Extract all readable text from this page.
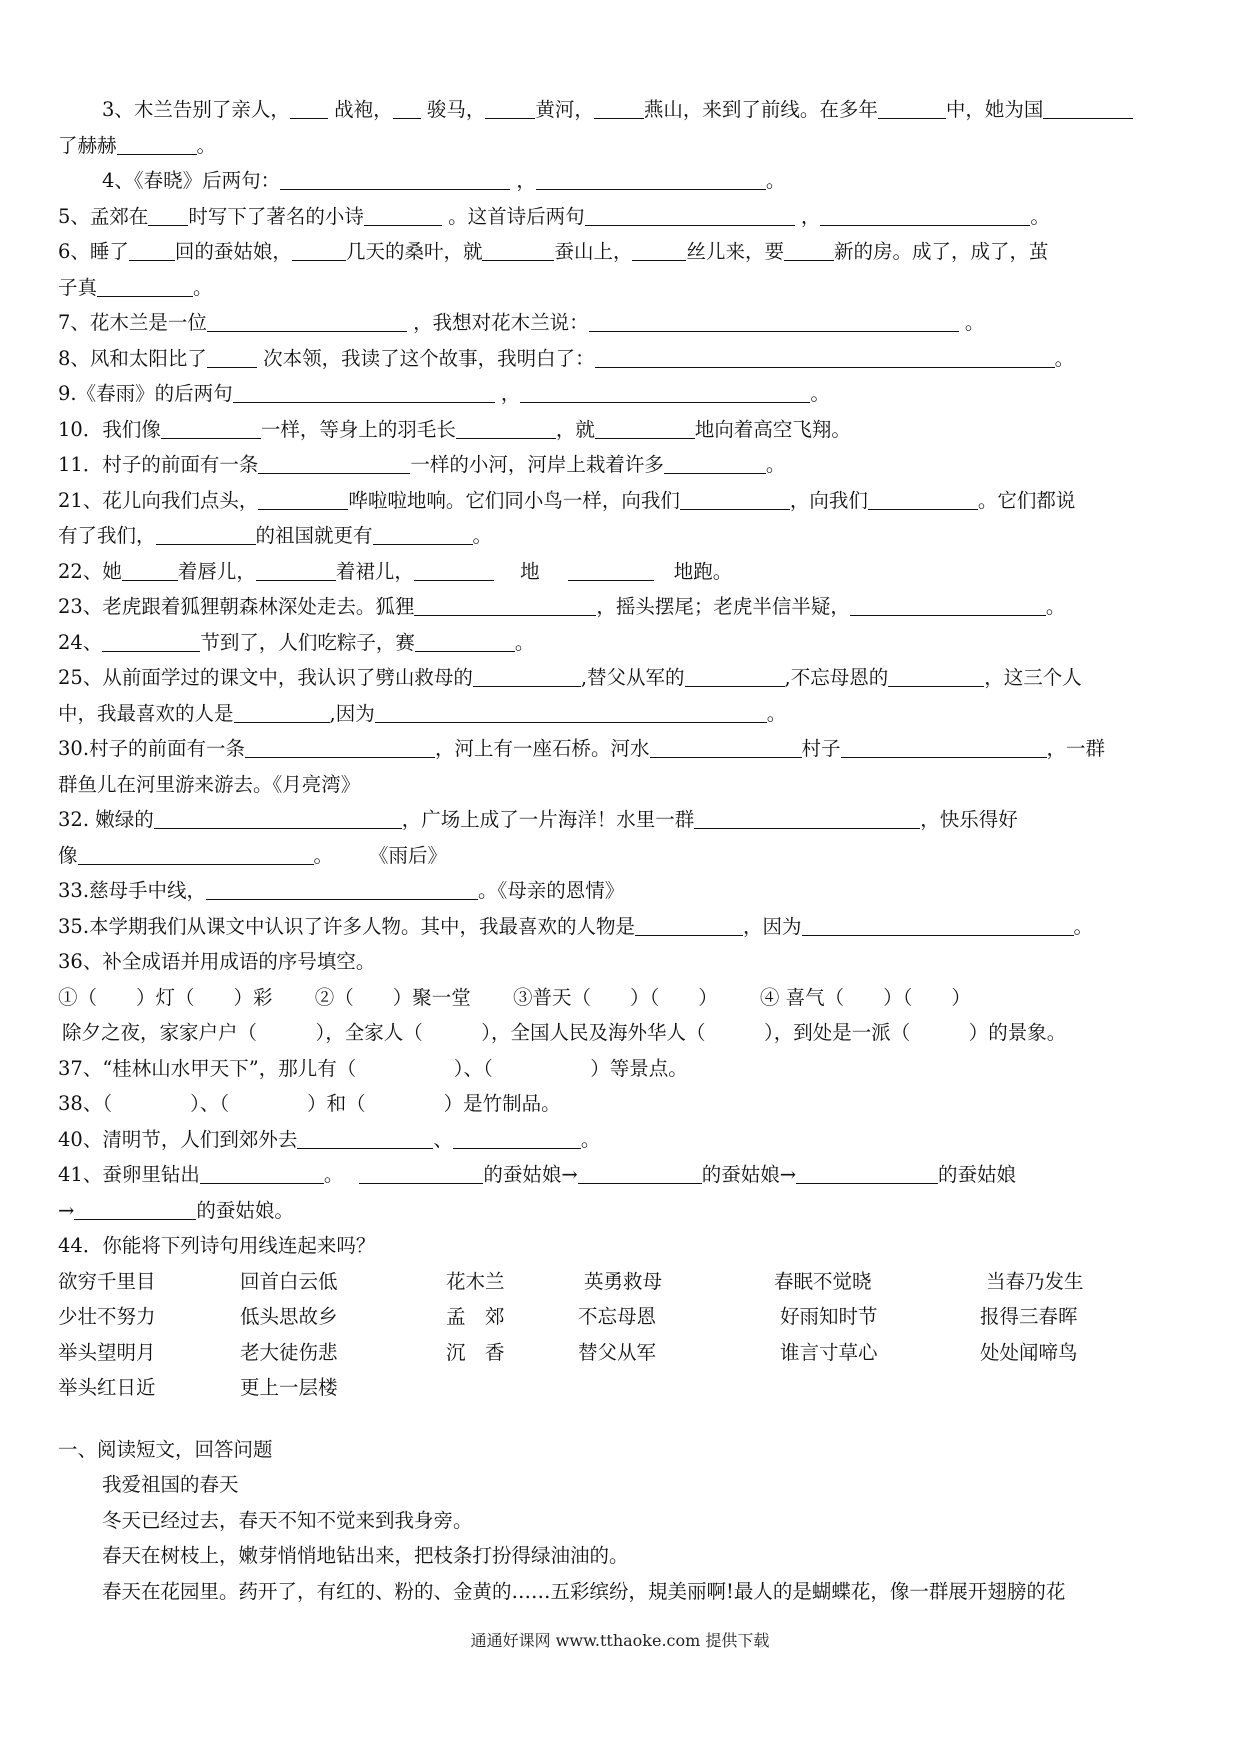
3、木兰告别了亲人， 战袍， 骏马，	黄河，	燕山，来到了前线。在多年	中，她为国
了赫赫	。
4、《春晓》后两句：	，	。
5、孟郊在 时写下了著名的小诗	。这首诗后两句	，	。
6、睡了 回的蚕姑娘，	几天的桑叶，就	蚕山上，	丝儿来，要	新的房。成了，成了，茧
子真	。
7、花木兰是一位	，我想对花木兰说：	。
8、风和太阳比了	次本领，我读了这个故事，我明白了：	。
9.《春雨》的后两句	，	。
10．我们像	一样，等身上的羽毛长	，就	地向着高空飞翔。
11．村子的前面有一条	一样的小河，河岸上栽着许多	。
21、花儿向我们点头，	哗啦啦地响。它们同小鸟一样，向我们	，向我们	。它们都说
有了我们，	的祖国就更有	。
22、她	着唇儿，	着裙儿，	地	地跑。
23、老虎跟着狐狸朝森林深处走去。狐狸	，摇头摆尾；老虎半信半疑，	。
24、	节到了，人们吃粽子，赛	。
25、从前面学过的课文中，我认识了劈山救母的	,替父从军的	,不忘母恩的	，这三个人
中，我最喜欢的人是	,因为	。
30.村子的前面有一条	，河上有一座石桥。河水	村子	，一群
群鱼儿在河里游来游去。《月亮湾》
32. 嫩绿的	，广场上成了一片海洋！水里一群	，快乐得好
像	。 《雨后》
33.慈母手中线，	。《母亲的恩情》
35.本学期我们从课文中认识了许多人物。其中，我最喜欢的人物是	，因为	。
36、补全成语并用成语的序号填空。
①（　　）灯（　　）彩 ②（　　）聚一堂 ③普天（　　）（　　） ④ 喜气（　　）（　　）
除夕之夜，家家户户（　　　），全家人（　　　），全国人民及海外华人（　　　），到处是一派（　　　）的景象。
37、“桂林山水甲天下”，那儿有（　　　　　）、（　　　　　）等景点。
38、（　　　　）、（　　　　）和（　　　　）是竹制品。
40、清明节，人们到郊外去	、	。
41、蚕卵里钻出	。	的蚕姑娘→	的蚕姑娘→	的蚕姑娘
→	的蚕姑娘。
44．你能将下列诗句用线连起来吗？
欲穷千里目	回首白云低	花木兰	英勇救母	春眠不觉晓	当春乃发生
少壮不努力	低头思故乡	孟　郊	不忘母恩	好雨知时节	报得三春晖
举头望明月	老大徒伤悲	沉　香	替父从军	谁言寸草心	处处闻啼鸟
举头红日近	更上一层楼
一、阅读短文，回答问题
我爱祖国的春天
冬天已经过去，春天不知不觉来到我身旁。
春天在树枝上，嫩芽悄悄地钻出来，把枝条打扮得绿油油的。
春天在花园里。药开了，有红的、粉的、金黄的……五彩缤纷，規美丽啊!最人的是蝴蝶花，像一群展开翅膀的花
通通好课网 www.tthaoke.com 提供下载
